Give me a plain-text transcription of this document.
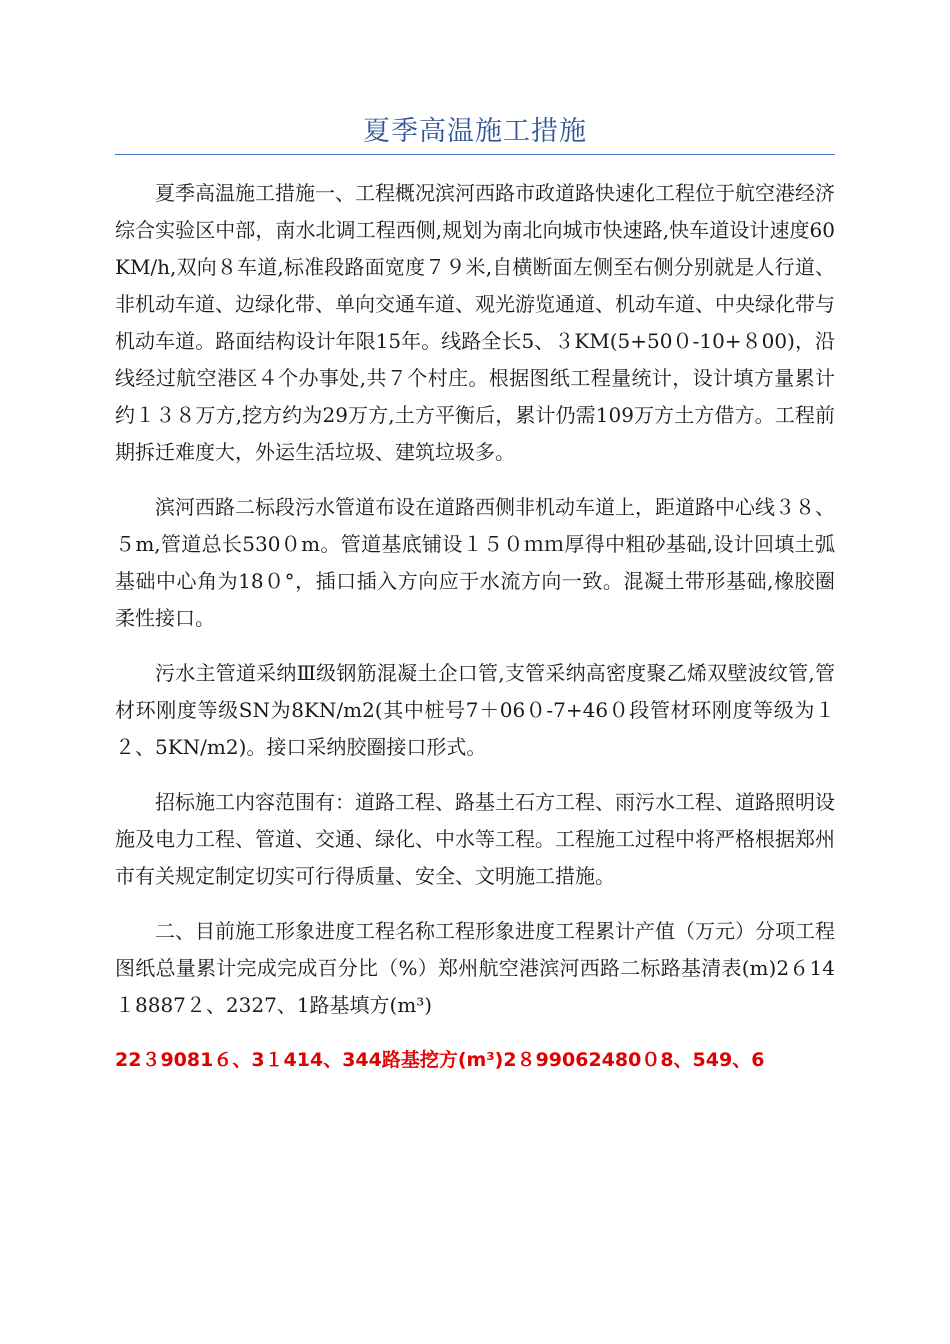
夏季高温施工措施

夏季高温施工措施一、工程概况滨河西路市政道路快速化工程位于航空港经济综合实验区中部，南水北调工程西侧,规划为南北向城市快速路,快车道设计速度60KM/h,双向８车道,标准段路面宽度７９米,自横断面左侧至右侧分别就是人行道、非机动车道、边绿化带、单向交通车道、观光游览通道、机动车道、中央绿化带与机动车道。路面结构设计年限15年。线路全长5、３KM(5+50０-10+８00)，沿线经过航空港区４个办事处,共７个村庄。根据图纸工程量统计，设计填方量累计约１３８万方,挖方约为29万方,土方平衡后，累计仍需109万方土方借方。工程前期拆迁难度大，外运生活垃圾、建筑垃圾多。

滨河西路二标段污水管道布设在道路西侧非机动车道上，距道路中心线３８、５m,管道总长530０m。管道基底铺设１５０ｍｍ厚得中粗砂基础,设计回填土弧基础中心角为18０°，插口插入方向应于水流方向一致。混凝土带形基础,橡胶圈柔性接口。

污水主管道采纳Ⅲ级钢筋混凝土企口管,支管采纳高密度聚乙烯双壁波纹管,管材环刚度等级SN为8KN/m2(其中桩号7＋06０-7+46０段管材环刚度等级为１２、5KN/m2)。接口采纳胶圈接口形式。

招标施工内容范围有：道路工程、路基土石方工程、雨污水工程、道路照明设施及电力工程、管道、交通、绿化、中水等工程。工程施工过程中将严格根据郑州市有关规定制定切实可行得质量、安全、文明施工措施。

二、目前施工形象进度工程名称工程形象进度工程累计产值（万元）分项工程图纸总量累计完成完成百分比（%）郑州航空港滨河西路二标路基清表(m)2６14１8887２、2327、1路基填方(m³)

22３9081６、3１414、344路基挖方(m³)2８99062480０8、549、6
